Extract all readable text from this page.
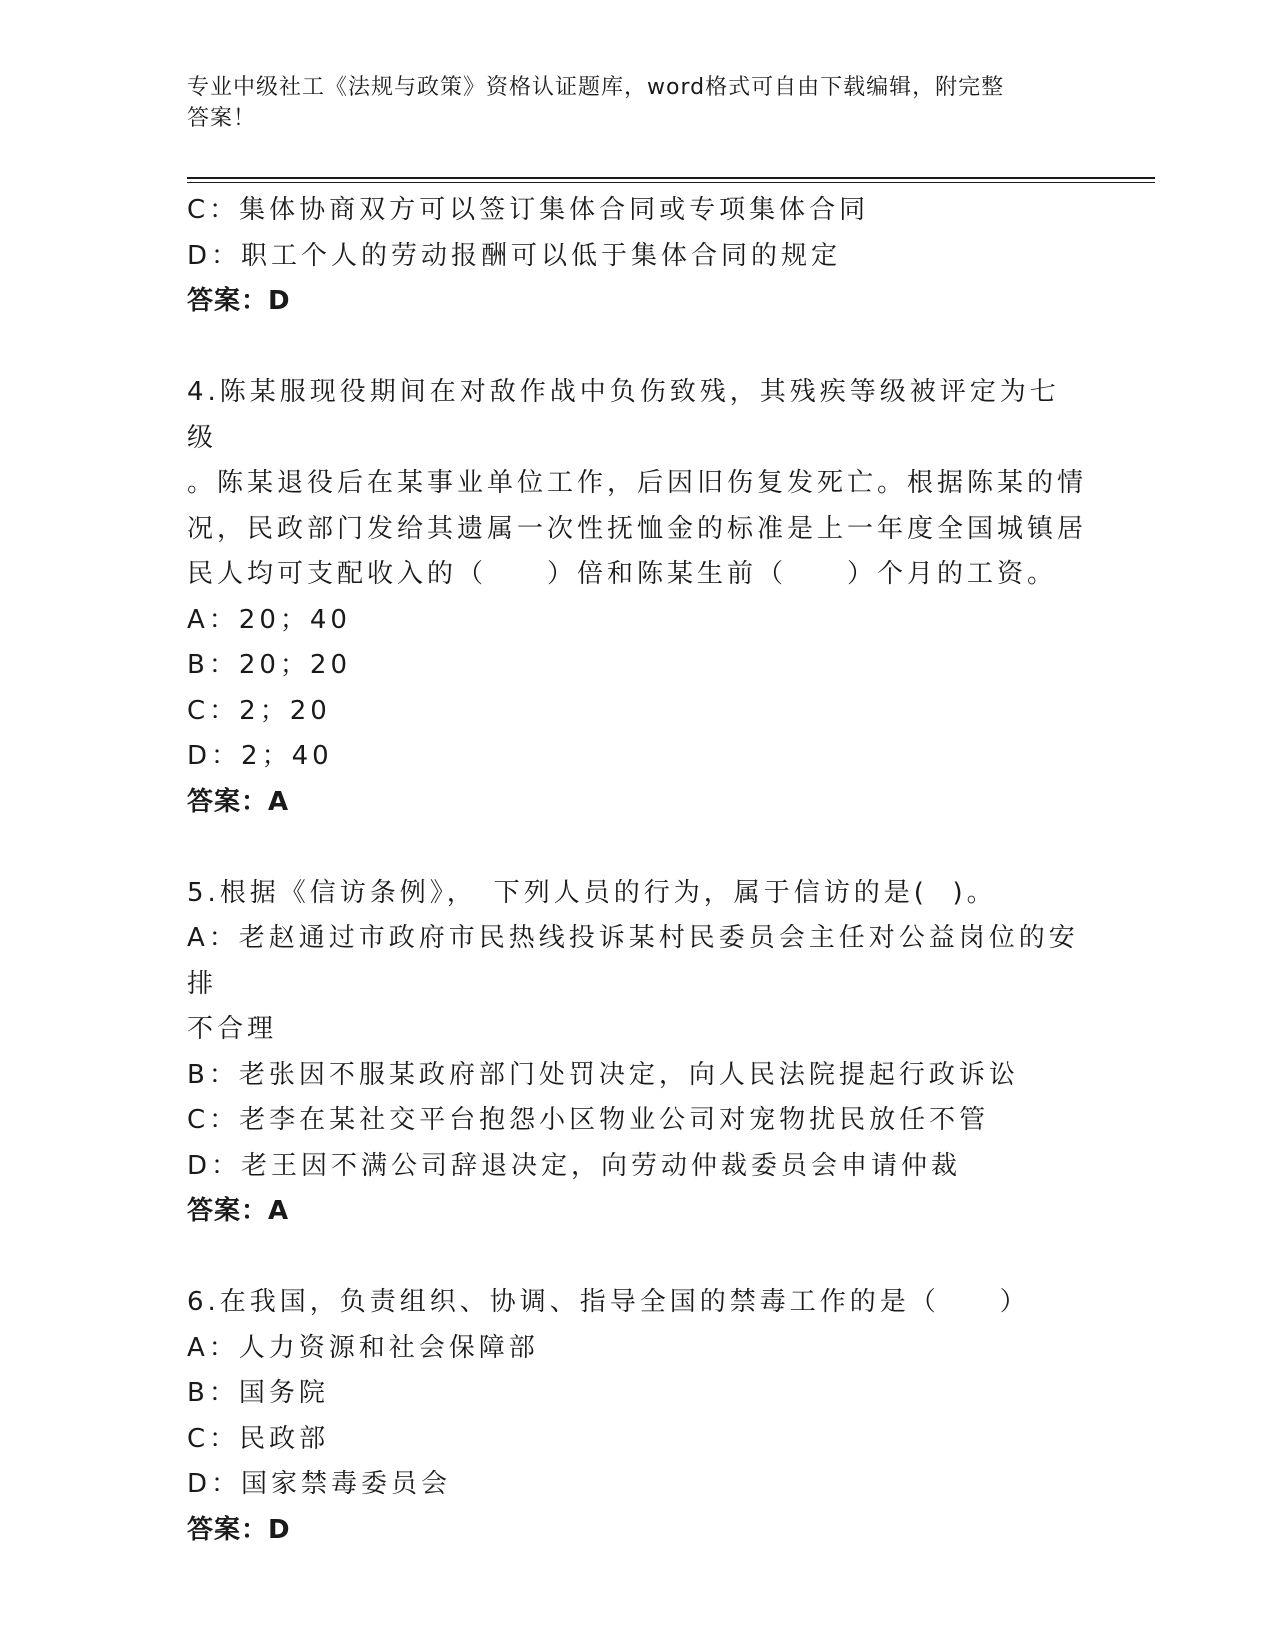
专业中级社工《法规与政策》资格认证题库，word格式可自由下载编辑，附完整
答案！
C：集体协商双方可以签订集体合同或专项集体合同
D：职工个人的劳动报酬可以低于集体合同的规定
答案：D
4.陈某服现役期间在对敌作战中负伤致残，其残疾等级被评定为七级
。陈某退役后在某事业单位工作，后因旧伤复发死亡。根据陈某的情
况，民政部门发给其遗属一次性抚恤金的标准是上一年度全国城镇居
民人均可支配收入的（　　）倍和陈某生前（　　）个月的工资。
A：20；40
B：20；20
C：2；20
D：2；40
答案：A
5.根据《信访条例》，　下列人员的行为，属于信访的是(  )。
A：老赵通过市政府市民热线投诉某村民委员会主任对公益岗位的安排
不合理
B：老张因不服某政府部门处罚决定，向人民法院提起行政诉讼
C：老李在某社交平台抱怨小区物业公司对宠物扰民放任不管
D：老王因不满公司辞退决定，向劳动仲裁委员会申请仲裁
答案：A
6.在我国，负责组织、协调、指导全国的禁毒工作的是（　　）
A：人力资源和社会保障部
B：国务院
C：民政部
D：国家禁毒委员会
答案：D
